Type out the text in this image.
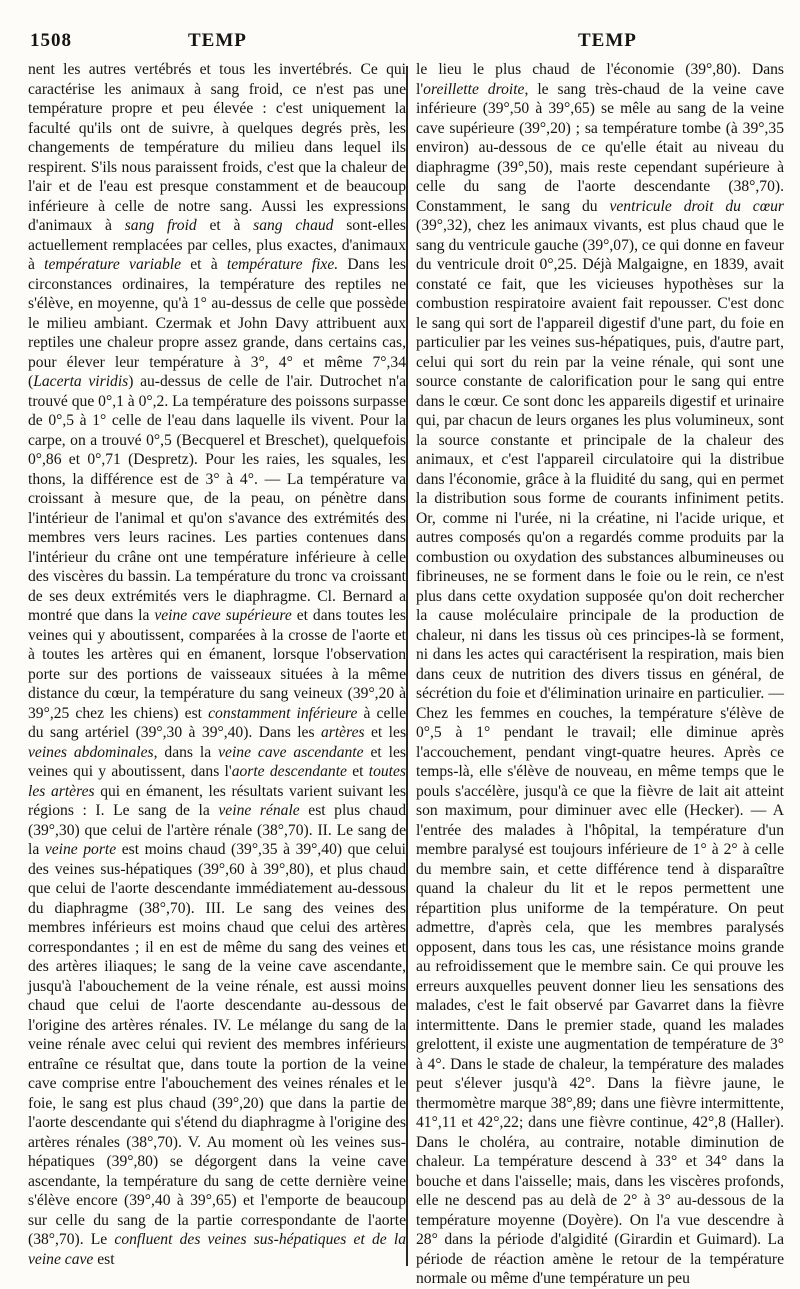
1508	TEMP	TEMP

nent les autres vertébrés et tous les invertébrés. Ce qui caractérise les animaux à sang froid, ce n'est pas une température propre et peu élevée : c'est uniquement la faculté qu'ils ont de suivre, à quelques degrés près, les changements de température du milieu dans lequel ils respirent. S'ils nous paraissent froids, c'est que la chaleur de l'air et de l'eau est presque constamment et de beaucoup inférieure à celle de notre sang. Aussi les expressions d'animaux à sang froid et à sang chaud sont-elles actuellement remplacées par celles, plus exactes, d'animaux à température variable et à température fixe. Dans les circonstances ordinaires, la température des reptiles ne s'élève, en moyenne, qu'à 1° au-dessus de celle que possède le milieu ambiant. Czermak et John Davy attribuent aux reptiles une chaleur propre assez grande, dans certains cas, pour élever leur température à 3°, 4° et même 7°,34 (Lacerta viridis) au-dessus de celle de l'air. Dutrochet n'a trouvé que 0°,1 à 0°,2. La température des poissons surpasse de 0°,5 à 1° celle de l'eau dans laquelle ils vivent. Pour la carpe, on a trouvé 0°,5 (Becquerel et Breschet), quelquefois 0°,86 et 0°,71 (Despretz). Pour les raies, les squales, les thons, la différence est de 3° à 4°. — La température va croissant à mesure que, de la peau, on pénètre dans l'intérieur de l'animal et qu'on s'avance des extrémités des membres vers leurs racines. Les parties contenues dans l'intérieur du crâne ont une température inférieure à celle des viscères du bassin. La température du tronc va croissant de ses deux extrémités vers le diaphragme. Cl. Bernard a montré que dans la veine cave supérieure et dans toutes les veines qui y aboutissent, comparées à la crosse de l'aorte et à toutes les artères qui en émanent, lorsque l'observation porte sur des portions de vaisseaux situées à la même distance du cœur, la température du sang veineux (39°,20 à 39°,25 chez les chiens) est constamment inférieure à celle du sang artériel (39°,30 à 39°,40). Dans les artères et les veines abdominales, dans la veine cave ascendante et les veines qui y aboutissent, dans l'aorte descendante et toutes les artères qui en émanent, les résultats varient suivant les régions : I. Le sang de la veine rénale est plus chaud (39°,30) que celui de l'artère rénale (38°,70). II. Le sang de la veine porte est moins chaud (39°,35 à 39°,40) que celui des veines sus-hépatiques (39°,60 à 39°,80), et plus chaud que celui de l'aorte descendante immédiatement au-dessous du diaphragme (38°,70). III. Le sang des veines des membres inférieurs est moins chaud que celui des artères correspondantes ; il en est de même du sang des veines et des artères iliaques; le sang de la veine cave ascendante, jusqu'à l'abouchement de la veine rénale, est aussi moins chaud que celui de l'aorte descendante au-dessous de l'origine des artères rénales. IV. Le mélange du sang de la veine rénale avec celui qui revient des membres inférieurs entraîne ce résultat que, dans toute la portion de la veine cave comprise entre l'abouchement des veines rénales et le foie, le sang est plus chaud (39°,20) que dans la partie de l'aorte descendante qui s'étend du diaphragme à l'origine des artères rénales (38°,70). V. Au moment où les veines sus-hépatiques (39°,80) se dégorgent dans la veine cave ascendante, la température du sang de cette dernière veine s'élève encore (39°,40 à 39°,65) et l'emporte de beaucoup sur celle du sang de la partie correspondante de l'aorte (38°,70). Le confluent des veines sus-hépatiques et de la veine cave est

le lieu le plus chaud de l'économie (39°,80). Dans l'oreillette droite, le sang très-chaud de la veine cave inférieure (39°,50 à 39°,65) se mêle au sang de la veine cave supérieure (39°,20) ; sa température tombe (à 39°,35 environ) au-dessous de ce qu'elle était au niveau du diaphragme (39°,50), mais reste cependant supérieure à celle du sang de l'aorte descendante (38°,70). Constamment, le sang du ventricule droit du cœur (39°,32), chez les animaux vivants, est plus chaud que le sang du ventricule gauche (39°,07), ce qui donne en faveur du ventricule droit 0°,25. Déjà Malgaigne, en 1839, avait constaté ce fait, que les vicieuses hypothèses sur la combustion respiratoire avaient fait repousser. C'est donc le sang qui sort de l'appareil digestif d'une part, du foie en particulier par les veines sus-hépatiques, puis, d'autre part, celui qui sort du rein par la veine rénale, qui sont une source constante de calorification pour le sang qui entre dans le cœur. Ce sont donc les appareils digestif et urinaire qui, par chacun de leurs organes les plus volumineux, sont la source constante et principale de la chaleur des animaux, et c'est l'appareil circulatoire qui la distribue dans l'économie, grâce à la fluidité du sang, qui en permet la distribution sous forme de courants infiniment petits. Or, comme ni l'urée, ni la créatine, ni l'acide urique, et autres composés qu'on a regardés comme produits par la combustion ou oxydation des substances albumineuses ou fibrineuses, ne se forment dans le foie ou le rein, ce n'est plus dans cette oxydation supposée qu'on doit rechercher la cause moléculaire principale de la production de chaleur, ni dans les tissus où ces principes-là se forment, ni dans les actes qui caractérisent la respiration, mais bien dans ceux de nutrition des divers tissus en général, de sécrétion du foie et d'élimination urinaire en particulier. — Chez les femmes en couches, la température s'élève de 0°,5 à 1° pendant le travail; elle diminue après l'accouchement, pendant vingt-quatre heures. Après ce temps-là, elle s'élève de nouveau, en même temps que le pouls s'accélère, jusqu'à ce que la fièvre de lait ait atteint son maximum, pour diminuer avec elle (Hecker). — A l'entrée des malades à l'hôpital, la température d'un membre paralysé est toujours inférieure de 1° à 2° à celle du membre sain, et cette différence tend à disparaître quand la chaleur du lit et le repos permettent une répartition plus uniforme de la température. On peut admettre, d'après cela, que les membres paralysés opposent, dans tous les cas, une résistance moins grande au refroidissement que le membre sain. Ce qui prouve les erreurs auxquelles peuvent donner lieu les sensations des malades, c'est le fait observé par Gavarret dans la fièvre intermittente. Dans le premier stade, quand les malades grelottent, il existe une augmentation de température de 3° à 4°. Dans le stade de chaleur, la température des malades peut s'élever jusqu'à 42°. Dans la fièvre jaune, le thermomètre marque 38°,89; dans une fièvre intermittente, 41°,11 et 42°,22; dans une fièvre continue, 42°,8 (Haller). Dans le choléra, au contraire, notable diminution de chaleur. La température descend à 33° et 34° dans la bouche et dans l'aisselle; mais, dans les viscères profonds, elle ne descend pas au delà de 2° à 3° au-dessous de la température moyenne (Doyère). On l'a vue descendre à 28° dans la période d'algidité (Girardin et Guimard). La période de réaction amène le retour de la température normale ou même d'une température un peu
